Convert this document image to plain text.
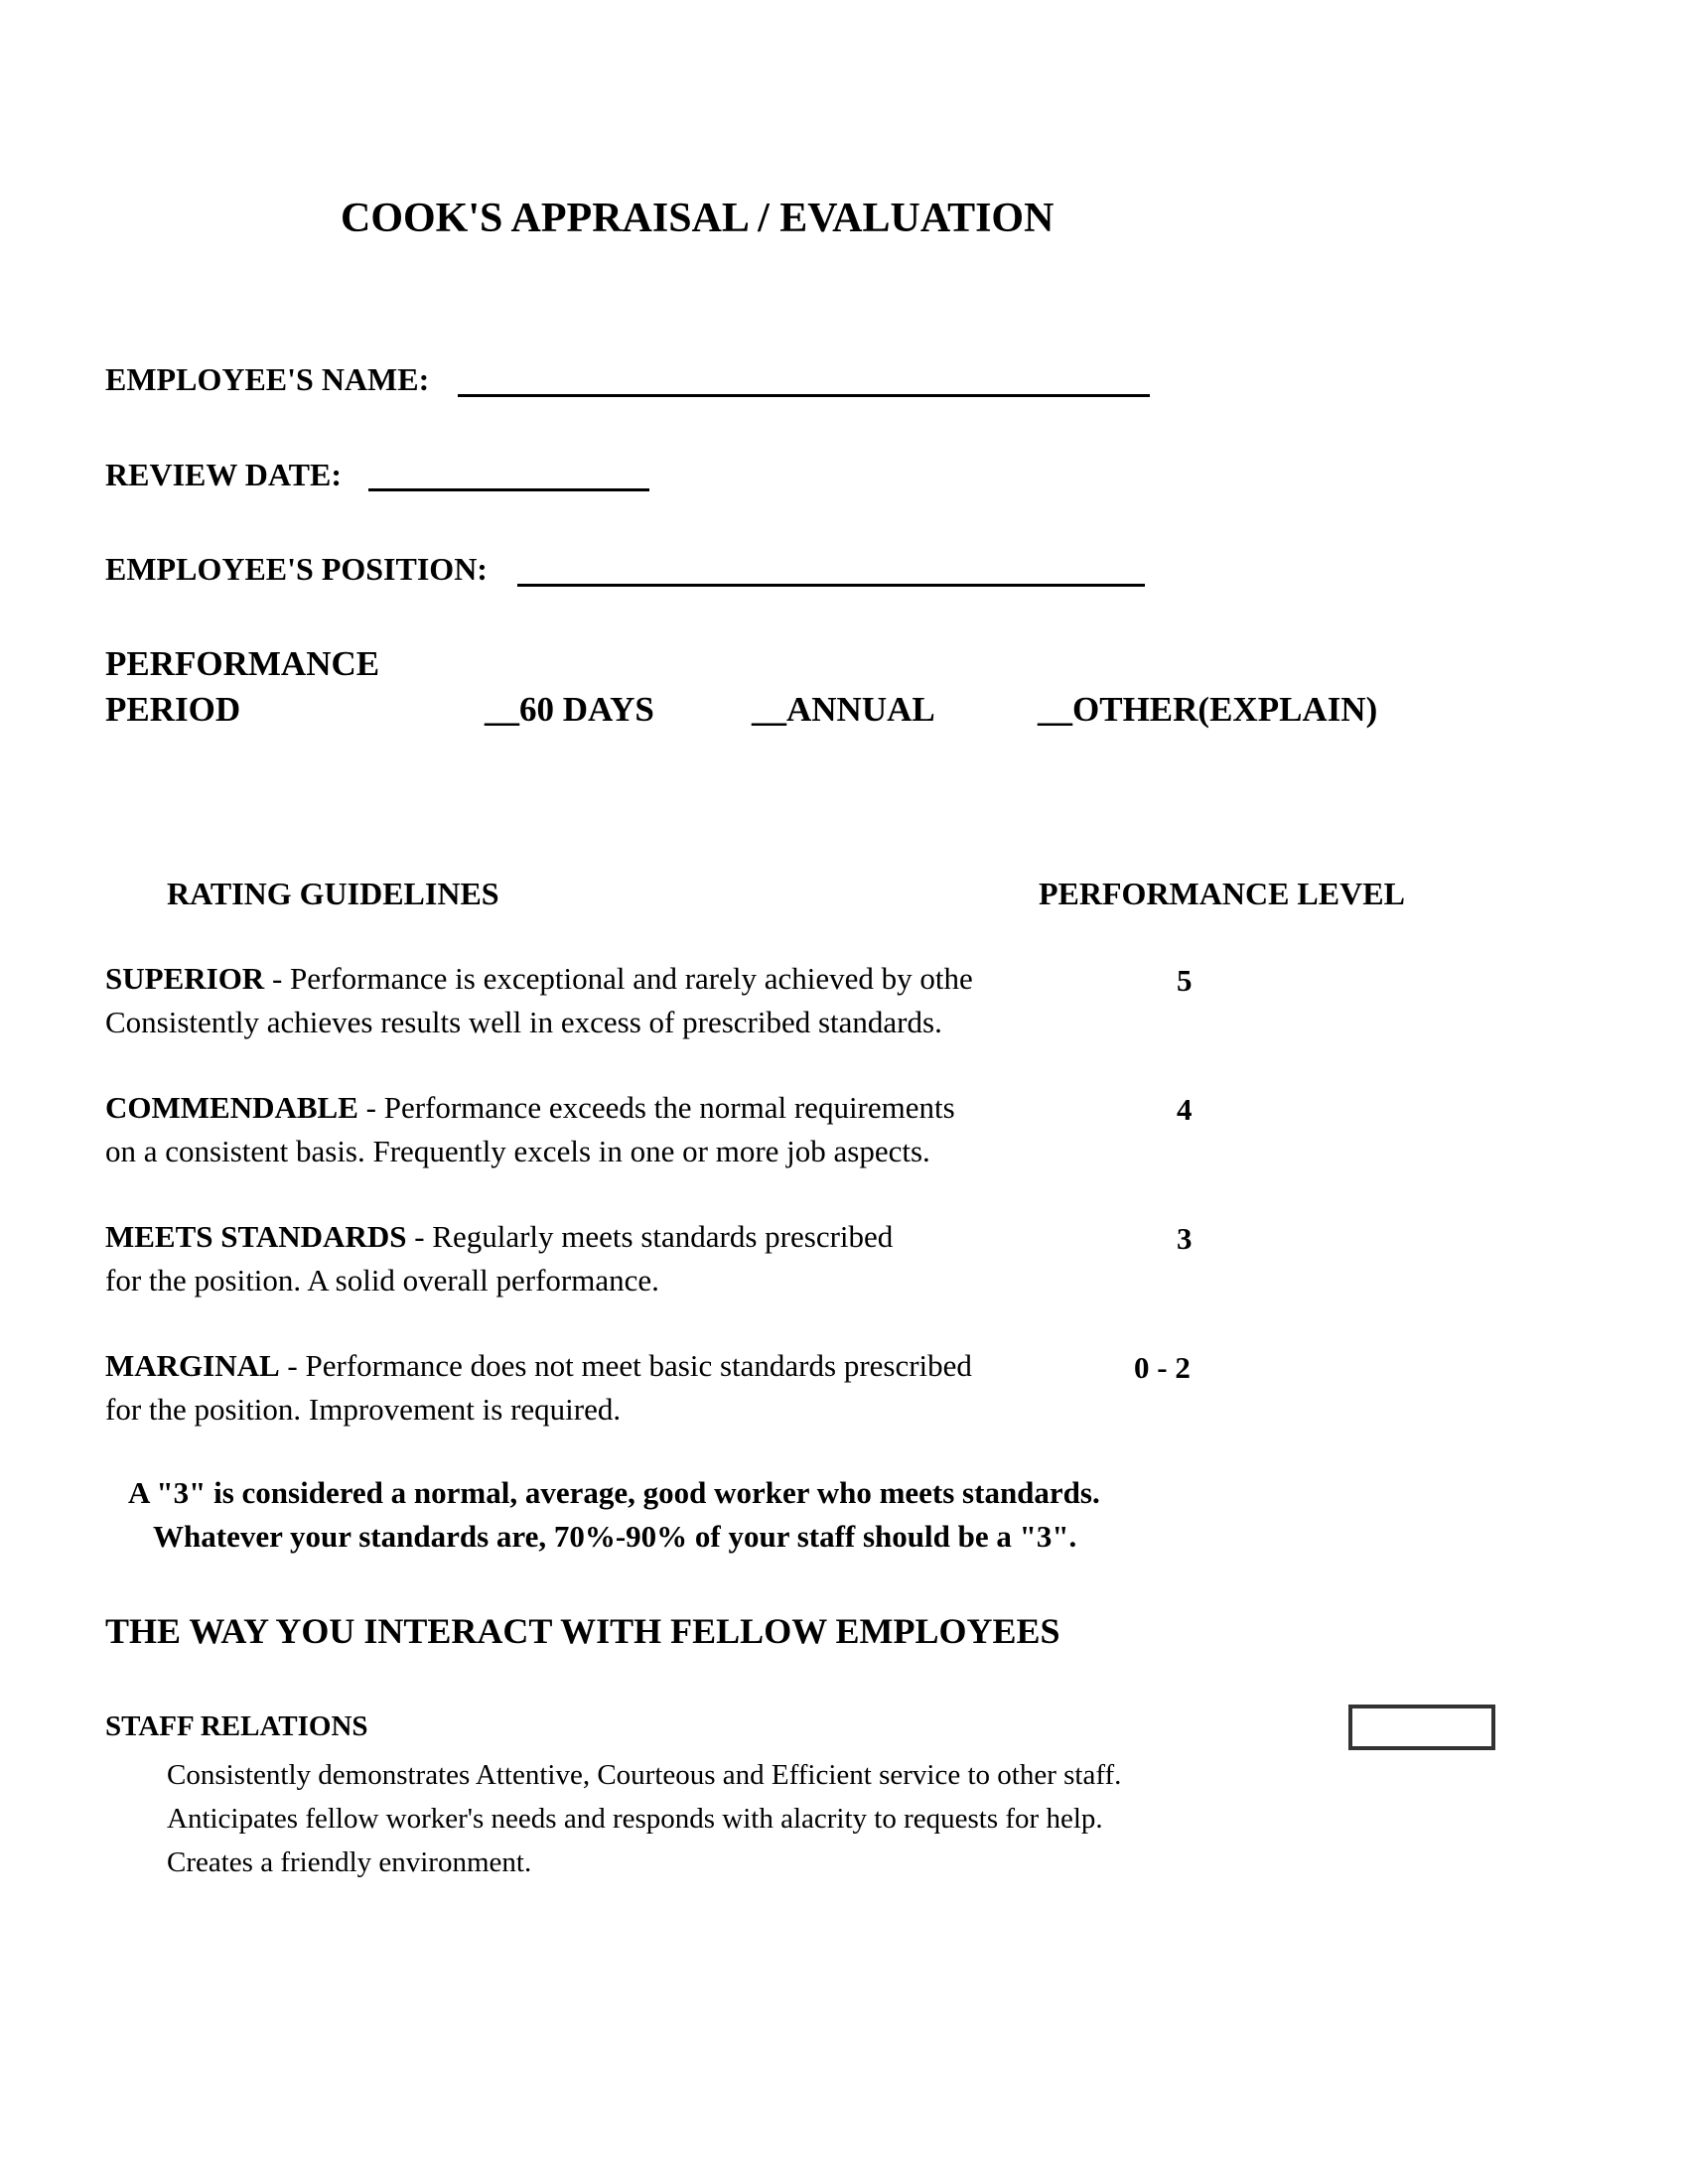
COOK'S APPRAISAL / EVALUATION
EMPLOYEE'S NAME:
REVIEW DATE:
EMPLOYEE'S POSITION:
PERFORMANCE
PERIOD	__60 DAYS	__ANNUAL	__OTHER(EXPLAIN)
RATING GUIDELINES	PERFORMANCE LEVEL
SUPERIOR - Performance is exceptional and rarely achieved by othe
Consistently achieves results well in excess of prescribed standards.
5
COMMENDABLE - Performance exceeds the normal requirements
on a consistent basis. Frequently excels in one or more job aspects.
4
MEETS STANDARDS - Regularly meets standards prescribed
for the position. A solid overall performance.
3
MARGINAL - Performance does not meet basic standards prescribed
for the position. Improvement is required.
0 - 2
A "3" is considered a normal, average, good worker who meets standards.
Whatever your standards are, 70%-90% of your staff should be a "3".
THE WAY YOU INTERACT WITH FELLOW EMPLOYEES
STAFF RELATIONS
Consistently demonstrates Attentive, Courteous and Efficient service to other staff.
Anticipates fellow worker's needs and responds with alacrity to requests for help.
Creates a friendly environment.
